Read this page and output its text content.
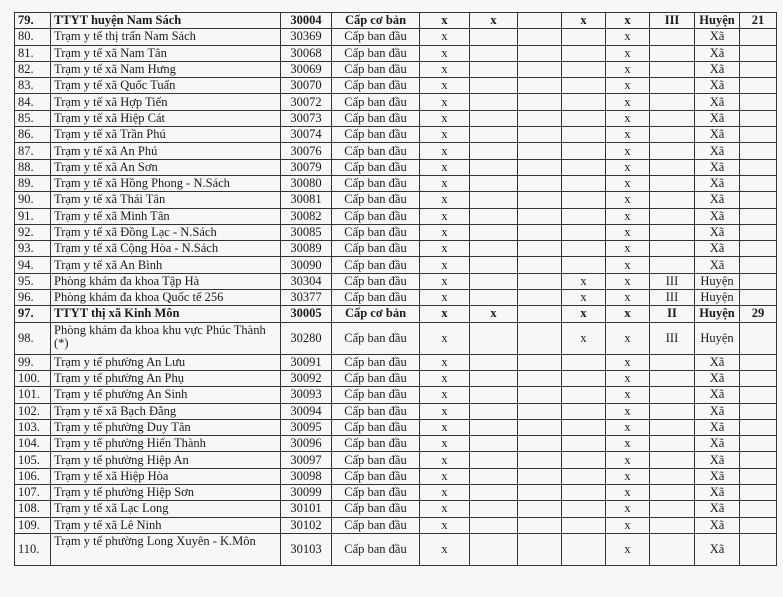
79.	TTYT huyện Nam Sách	30004	Cấp cơ bản	x	x		x	x	III	Huyện	21
80.	Trạm y tế thị trấn Nam Sách	30369	Cấp ban đầu	x				x		Xã	
81.	Trạm y tế xã Nam Tân	30068	Cấp ban đầu	x				x		Xã	
82.	Trạm y tế xã Nam Hưng	30069	Cấp ban đầu	x				x		Xã	
83.	Trạm y tế xã Quốc Tuấn	30070	Cấp ban đầu	x				x		Xã	
84.	Trạm y tế xã Hợp Tiến	30072	Cấp ban đầu	x				x		Xã	
85.	Trạm y tế xã Hiệp Cát	30073	Cấp ban đầu	x				x		Xã	
86.	Trạm y tế xã Trần Phú	30074	Cấp ban đầu	x				x		Xã	
87.	Trạm y tế xã An Phú	30076	Cấp ban đầu	x				x		Xã	
88.	Trạm y tế xã An Sơn	30079	Cấp ban đầu	x				x		Xã	
89.	Trạm y tế xã Hồng Phong - N.Sách	30080	Cấp ban đầu	x				x		Xã	
90.	Trạm y tế xã Thái Tân	30081	Cấp ban đầu	x				x		Xã	
91.	Trạm y tế xã Minh Tân	30082	Cấp ban đầu	x				x		Xã	
92.	Trạm y tế xã Đồng Lạc - N.Sách	30085	Cấp ban đầu	x				x		Xã	
93.	Trạm y tế xã Cộng Hòa - N.Sách	30089	Cấp ban đầu	x				x		Xã	
94.	Trạm y tế xã An Bình	30090	Cấp ban đầu	x				x		Xã	
95.	Phòng khám đa khoa Tập Hà	30304	Cấp ban đầu	x			x	x	III	Huyện	
96.	Phòng khám đa khoa Quốc tế 256	30377	Cấp ban đầu	x			x	x	III	Huyện	
97.	TTYT thị xã Kinh Môn	30005	Cấp cơ bản	x	x		x	x	II	Huyện	29
98.	Phòng khám đa khoa khu vực Phúc Thành (*)	30280	Cấp ban đầu	x			x	x	III	Huyện	
99.	Trạm y tế phường An Lưu	30091	Cấp ban đầu	x				x		Xã	
100.	Trạm y tế phường An Phụ	30092	Cấp ban đầu	x				x		Xã	
101.	Trạm y tế phường An Sinh	30093	Cấp ban đầu	x				x		Xã	
102.	Trạm y tế xã Bạch Đằng	30094	Cấp ban đầu	x				x		Xã	
103.	Trạm y tế phường Duy Tân	30095	Cấp ban đầu	x				x		Xã	
104.	Trạm y tế phường Hiến Thành	30096	Cấp ban đầu	x				x		Xã	
105.	Trạm y tế phường Hiệp An	30097	Cấp ban đầu	x				x		Xã	
106.	Trạm y tế xã Hiệp Hòa	30098	Cấp ban đầu	x				x		Xã	
107.	Trạm y tế phường Hiệp Sơn	30099	Cấp ban đầu	x				x		Xã	
108.	Trạm y tế xã Lạc Long	30101	Cấp ban đầu	x				x		Xã	
109.	Trạm y tế xã Lê Ninh	30102	Cấp ban đầu	x				x		Xã	
110.	Trạm y tế phường Long Xuyên - K.Môn	30103	Cấp ban đầu	x				x		Xã	
